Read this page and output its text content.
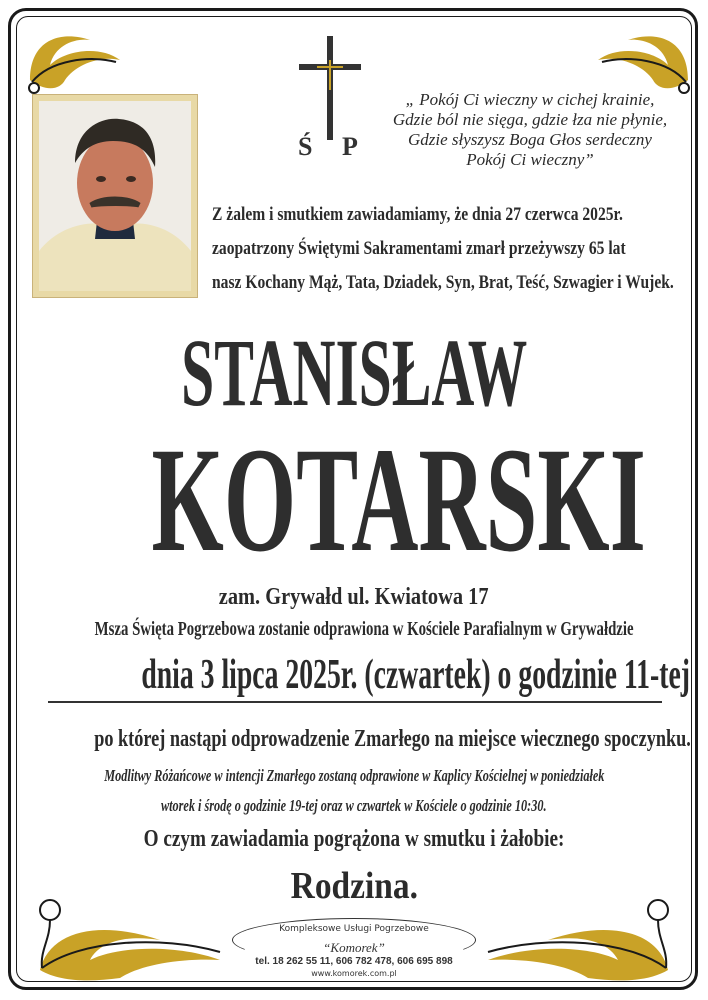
Ś P
„ Pokój Ci wieczny w cichej krainie,
Gdzie ból nie sięga, gdzie łza nie płynie,
Gdzie słyszysz Boga Głos serdeczny
Pokój Ci wieczny”
Z żalem i smutkiem zawiadamiamy, że dnia 27 czerwca 2025r.
zaopatrzony Świętymi Sakramentami zmarł przeżywszy 65 lat
nasz Kochany Mąż, Tata, Dziadek, Syn, Brat, Teść, Szwagier i Wujek.
STANISŁAW
KOTARSKI
zam. Grywałd ul. Kwiatowa 17
Msza Święta Pogrzebowa zostanie odprawiona w Kościele Parafialnym w Grywałdzie
dnia 3 lipca 2025r. (czwartek) o godzinie 11-tej
po której nastąpi odprowadzenie Zmarłego na miejsce wiecznego spoczynku.
Modlitwy Różańcowe w intencji Zmarłego zostaną odprawione w Kaplicy Kościelnej w poniedziałek
wtorek i środę o godzinie 19-tej oraz w czwartek w Kościele o godzinie 10:30.
O czym zawiadamia pogrążona w smutku i żałobie:
Rodzina.
Kompleksowe Usługi Pogrzebowe
“Komorek”
tel. 18 262 55 11, 606 782 478, 606 695 898
www.komorek.com.pl
